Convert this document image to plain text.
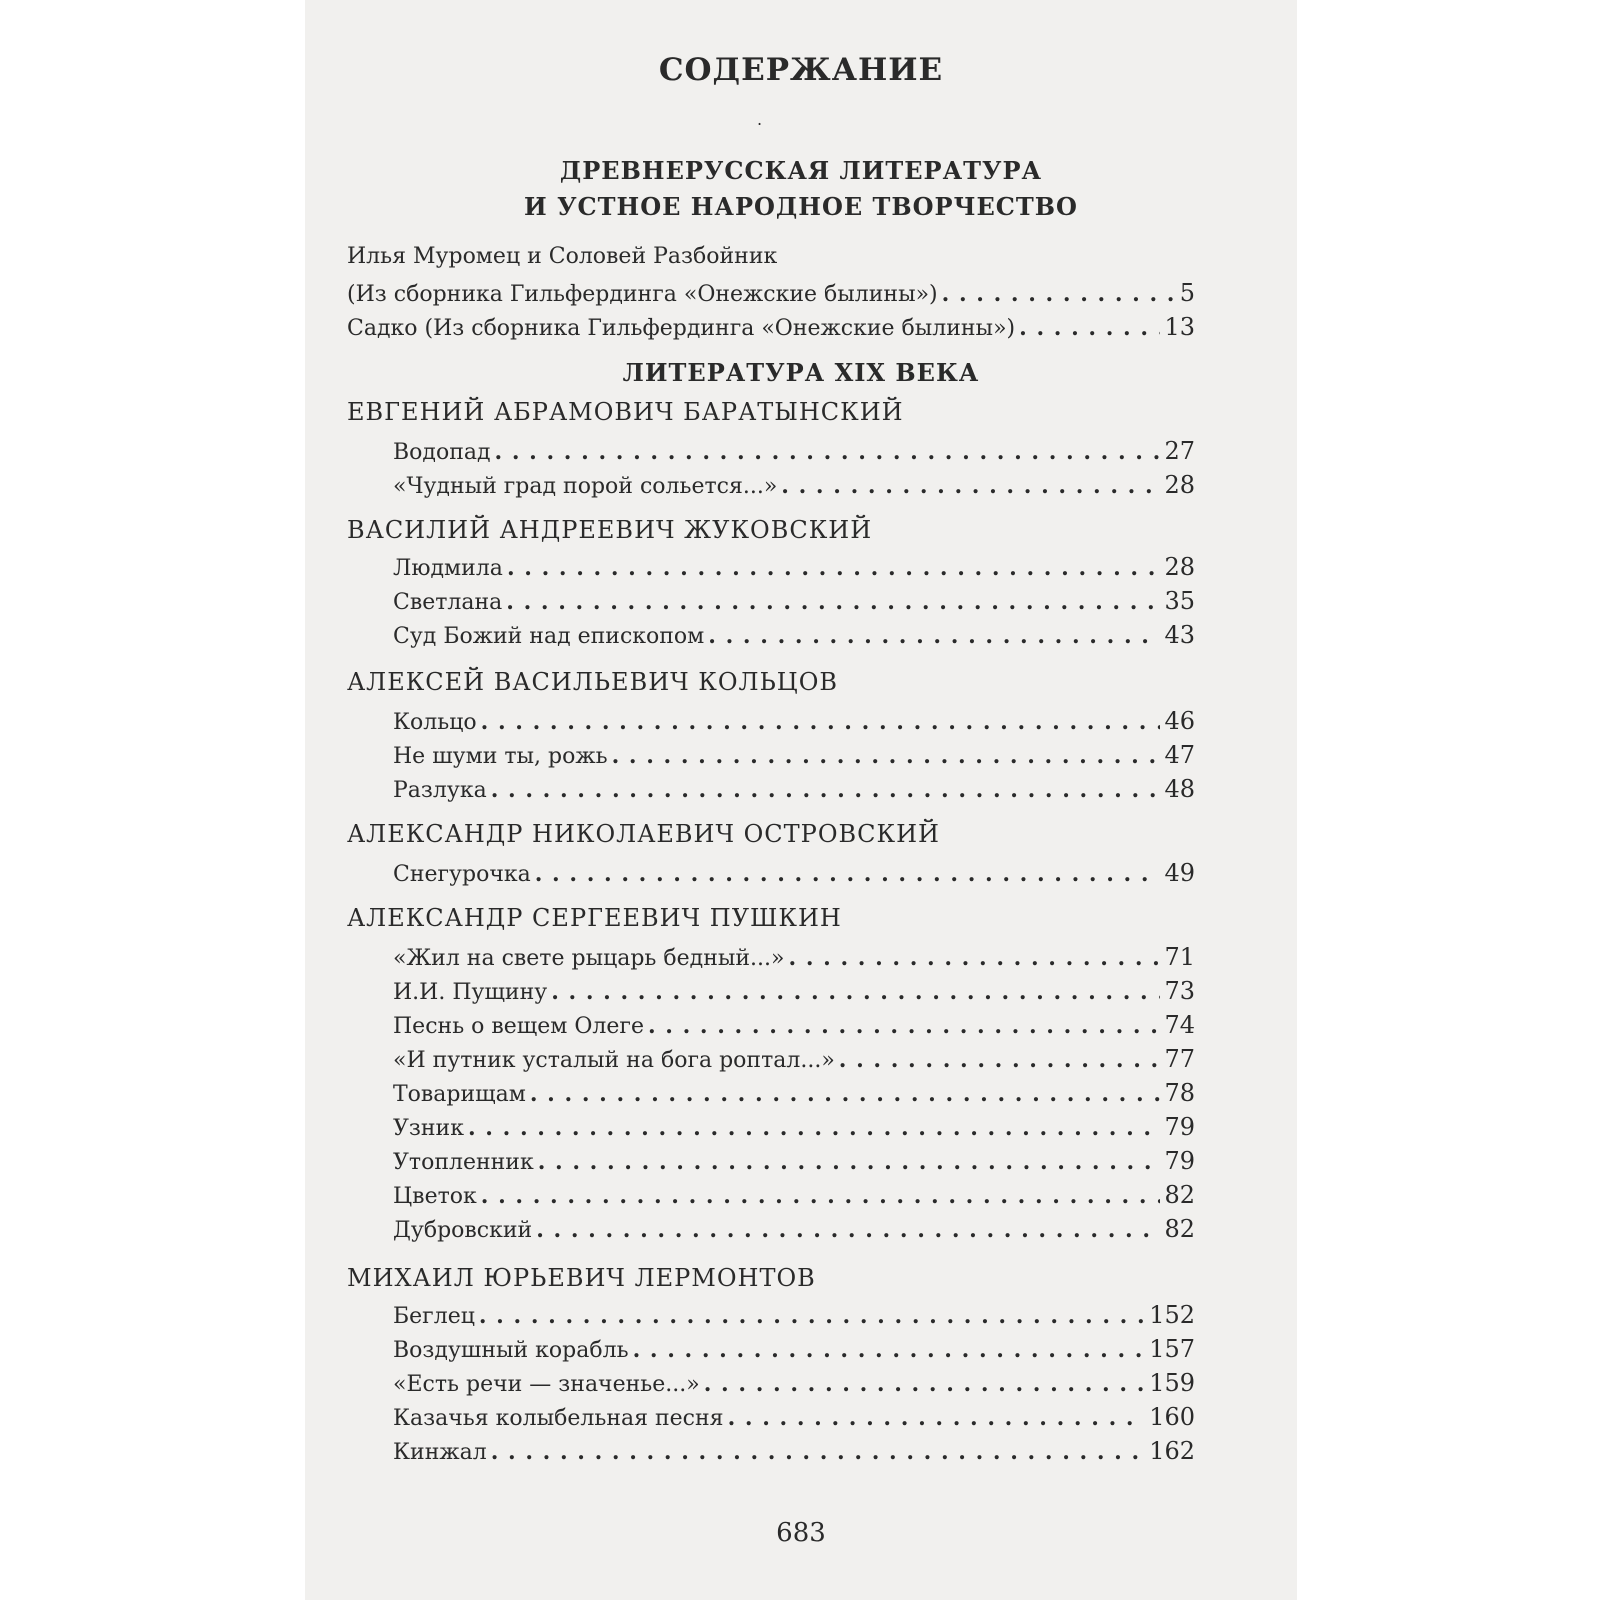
СОДЕРЖАНИЕ
.
ДРЕВНЕРУССКАЯ ЛИТЕРАТУРА
И УСТНОЕ НАРОДНОЕ ТВОРЧЕСТВО
Илья Муромец и Соловей Разбойник
(Из сборника Гильфердинга «Онежские былины») . . .	5
Садко (Из сборника Гильфердинга «Онежские былины») . . .	13
ЛИТЕРАТУРА XIX ВЕКА
ЕВГЕНИЙ АБРАМОВИЧ БАРАТЫНСКИЙ
Водопад . . .	27
«Чудный град порой сольется...» . . .	28
ВАСИЛИЙ АНДРЕЕВИЧ ЖУКОВСКИЙ
Людмила . . .	28
Светлана . . .	35
Суд Божий над епископом . . .	43
АЛЕКСЕЙ ВАСИЛЬЕВИЧ КОЛЬЦОВ
Кольцо . . .	46
Не шуми ты, рожь . . .	47
Разлука . . .	48
АЛЕКСАНДР НИКОЛАЕВИЧ ОСТРОВСКИЙ
Снегурочка . . .	49
АЛЕКСАНДР СЕРГЕЕВИЧ ПУШКИН
«Жил на свете рыцарь бедный...» . . .	71
И.И. Пущину . . .	73
Песнь о вещем Олеге . . .	74
«И путник усталый на бога роптал...» . . .	77
Товарищам . . .	78
Узник . . .	79
Утопленник . . .	79
Цветок . . .	82
Дубровский . . .	82
МИХАИЛ ЮРЬЕВИЧ ЛЕРМОНТОВ
Беглец . . .	152
Воздушный корабль . . .	157
«Есть речи — значенье...» . . .	159
Казачья колыбельная песня . . .	160
Кинжал . . .	162
683
